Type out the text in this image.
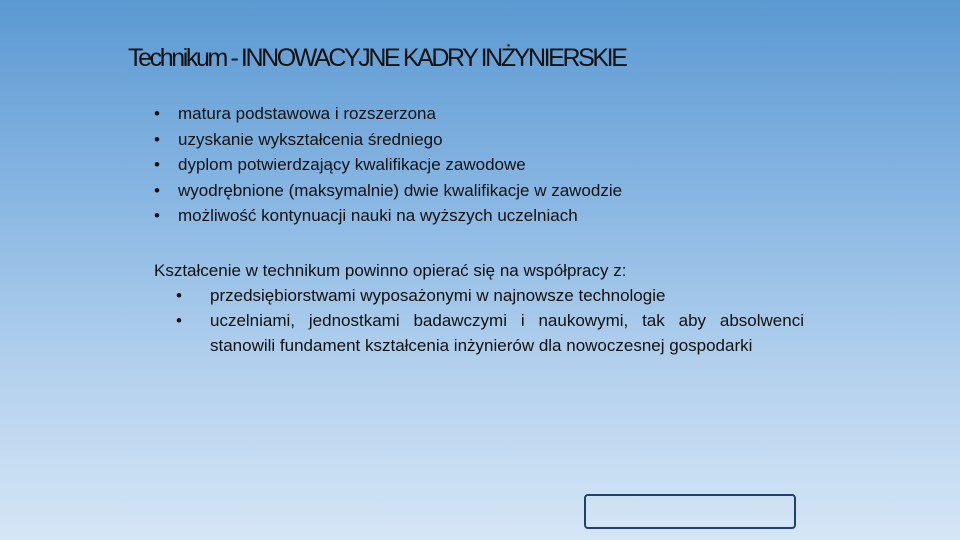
Technikum - INNOWACYJNE KADRY INŻYNIERSKIE
• matura podstawowa i rozszerzona
• uzyskanie wykształcenia średniego
• dyplom potwierdzający kwalifikacje zawodowe
• wyodrębnione (maksymalnie) dwie kwalifikacje w zawodzie
• możliwość kontynuacji nauki na wyższych uczelniach

Kształcenie w technikum powinno opierać się na współpracy z:

• przedsiębiorstwami wyposażonymi w najnowsze technologie
• uczelniami, jednostkami badawczymi i naukowymi, tak aby absolwenci stanowili fundament kształcenia inżynierów dla nowoczesnej gospodarki
